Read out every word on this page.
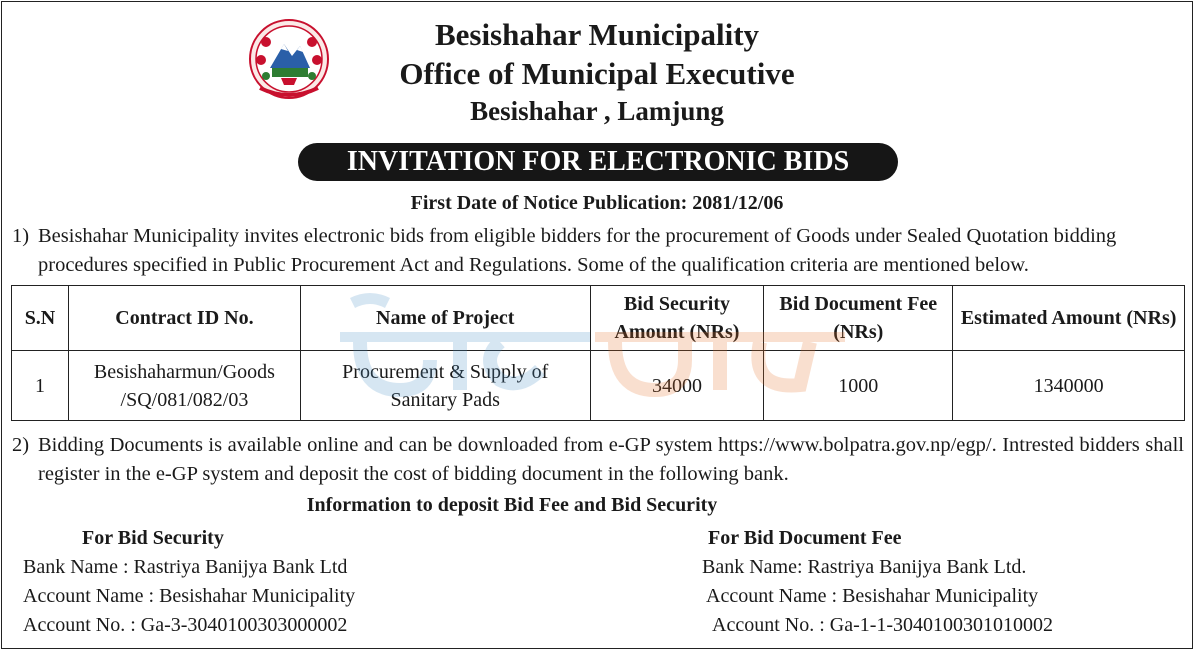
Besishahar Municipality
Office of Municipal Executive
Besishahar , Lamjung
INVITATION FOR ELECTRONIC BIDS
First Date of Notice Publication: 2081/12/06
1) Besishahar Municipality invites electronic bids from eligible bidders for the procurement of Goods under Sealed Quotation bidding procedures specified in Public Procurement Act and Regulations. Some of the qualification criteria are mentioned below.
S.N	Contract ID No.	Name of Project	Bid Security Amount (NRs)	Bid Document Fee (NRs)	Estimated Amount (NRs)
1	Besishaharmun/Goods /SQ/081/082/03	Procurement & Supply of Sanitary Pads	34000	1000	1340000
2) Bidding Documents is available online and can be downloaded from e-GP system https://www.bolpatra.gov.np/egp/. Intrested bidders shall register in the e-GP system and deposit the cost of bidding document in the following bank.
Information to deposit Bid Fee and Bid Security
For Bid Security
Bank Name : Rastriya Banijya Bank Ltd
Account Name : Besishahar Municipality
Account No. : Ga-3-3040100303000002
For Bid Document Fee
Bank Name: Rastriya Banijya Bank Ltd.
Account Name : Besishahar Municipality
Account No. : Ga-1-1-3040100301010002
